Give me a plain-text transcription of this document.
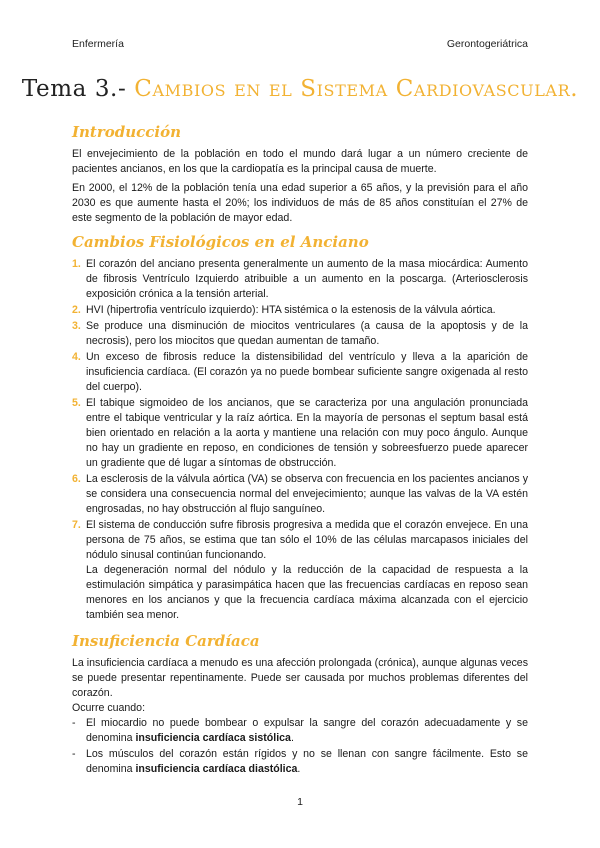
Enfermería	Gerontogeriátrica
Tema 3.- Cambios en el Sistema Cardiovascular.
Introducción

El envejecimiento de la población en todo el mundo dará lugar a un número creciente de pacientes ancianos, en los que la cardiopatía es la principal causa de muerte.

En 2000, el 12% de la población tenía una edad superior a 65 años, y la previsión para el año 2030 es que aumente hasta el 20%; los individuos de más de 85 años constituían el 27% de este segmento de la población de mayor edad.

Cambios Fisiológicos en el Anciano
1. El corazón del anciano presenta generalmente un aumento de la masa miocárdica: Aumento de fibrosis Ventrículo Izquierdo atribuible a un aumento en la poscarga. (Arteriosclerosis exposición crónica a la tensión arterial.
2. HVI (hipertrofia ventrículo izquierdo): HTA sistémica o la estenosis de la válvula aórtica.
3. Se produce una disminución de miocitos ventriculares (a causa de la apoptosis y de la necrosis), pero los miocitos que quedan aumentan de tamaño.
4. Un exceso de fibrosis reduce la distensibilidad del ventrículo y lleva a la aparición de insuficiencia cardíaca. (El corazón ya no puede bombear suficiente sangre oxigenada al resto del cuerpo).
5. El tabique sigmoideo de los ancianos, que se caracteriza por una angulación pronunciada entre el tabique ventricular y la raíz aórtica. En la mayoría de personas el septum basal está bien orientado en relación a la aorta y mantiene una relación con muy poco ángulo. Aunque no hay un gradiente en reposo, en condiciones de tensión y sobreesfuerzo puede aparecer un gradiente que dé lugar a síntomas de obstrucción.
6. La esclerosis de la válvula aórtica (VA) se observa con frecuencia en los pacientes ancianos y se considera una consecuencia normal del envejecimiento; aunque las valvas de la VA estén engrosadas, no hay obstrucción al flujo sanguíneo.
7. El sistema de conducción sufre fibrosis progresiva a medida que el corazón envejece. En una persona de 75 años, se estima que tan sólo el 10% de las células marcapasos iniciales del nódulo sinusal continúan funcionando.
La degeneración normal del nódulo y la reducción de la capacidad de respuesta a la estimulación simpática y parasimpática hacen que las frecuencias cardíacas en reposo sean menores en los ancianos y que la frecuencia cardíaca máxima alcanzada con el ejercicio también sea menor.
Insuficiencia Cardíaca

La insuficiencia cardíaca a menudo es una afección prolongada (crónica), aunque algunas veces se puede presentar repentinamente. Puede ser causada por muchos problemas diferentes del corazón.

Ocurre cuando:

- El miocardio no puede bombear o expulsar la sangre del corazón adecuadamente y se denomina insuficiencia cardíaca sistólica.
- Los músculos del corazón están rígidos y no se llenan con sangre fácilmente. Esto se denomina insuficiencia cardíaca diastólica.
1
